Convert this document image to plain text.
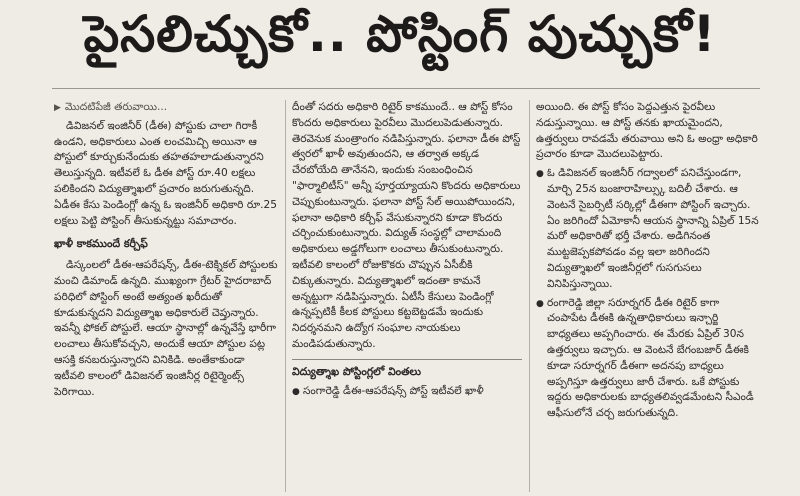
పైసలిచ్చుకో.. పోస్టింగ్ పుచ్చుకో!
▶ మొదటిపేజీ తరువాయి...

డివిజనల్ ఇంజినీర్ (డీఈ) పోస్టుకు చాలా గిరాకీ ఉండని, అధికారులు ఎంత లంచమిచ్చి అయినా ఆ పోస్టులో కూర్చుకునేందుకు తహతహలాడుతున్నారని తెలుస్తున్నది. ఇటీవలే ఓ డీఈ పోస్ట్ రూ.40 లక్షలు పలికిందని విద్యుత్శాఖలో ప్రచారం జరుగుతున్నది. ఏడీఈ కేసు పెండింగ్లో ఉన్న ఓ ఇంజినీర్ అధికారి రూ.25 లక్షలు పెట్టి పోస్టింగ్ తీసుకున్నట్టు సమాచారం.

ఖాళీ కాకముందే కర్చీఫ్

డిస్కంలలో డీఈ-ఆపరేషన్స్, డీఈ-టెక్నికల్ పోస్టులకు మంచి డిమాండ్ ఉన్నది. ముఖ్యంగా గ్రేటర్ హైదరాబాద్ పరిధిలో పోస్టింగ్ అంటే అత్యంత ఖరీదుతో కూడుకున్నదని విద్యుత్శాఖ అధికారులే చెప్తున్నారు. ఇవన్నీ ఫోకల్ పోస్టులే. ఆయా స్థానాల్లో ఉన్నవేస్తే భారీగా లంచాలు తీసుకోవచ్చని, అందుకే ఆయా పోస్టుల పట్ల ఆసక్తి కనబరుస్తున్నారని వినికిడి. అంతేకాకుండా ఇటీవలి కాలంలో డివిజనల్ ఇంజినీర్ల రిటైర్మెంట్స్ పెరిగాయి.

దీంతో సదరు అధికారి రిటైర్ కాకముందే.. ఆ పోస్ట్ కోసం కొందరు అధికారులు పైరవీలు మొదలుపెడుతున్నారు. తెరవెనుక మంత్రాంగం నడిపిస్తున్నారు. ఫలానా డీఈ పోస్ట్ త్వరలో ఖాళీ అవుతుందని, ఆ తర్వాత అక్కడ చేరబోయేది తానేనని, ఇందుకు సంబంధించిన "ఫార్మాలిటీస్" అన్నీ పూర్తయ్యాయని కొందరు అధికారులు చెప్పుకుంటున్నారు. ఫలానా పోస్ట్ సేల్ అయిపోయిందని, ఫలానా అధికారి కర్చీఫ్ వేసుకున్నారని కూడా కొందరు చర్చించుకుంటున్నారు. విద్యుత్ సంస్థల్లో చాలామంది అధికారులు అడ్డగోలుగా లంచాలు తీసుకుంటున్నారు. ఇటీవలి కాలంలో రోజుకొకరు చొప్పున ఏసీబీకి చిక్కుతున్నారు. విద్యుత్శాఖలో ఇదంతా కామనే అన్నట్టుగా నడిపిస్తున్నారు. ఏటీసీ కేసులు పెండింగ్లో ఉన్నప్పటికీ కీలక పోస్టులు కట్టబెట్టడమే ఇందుకు నిదర్శనమని ఉద్యోగ సంఘాల నాయకులు మండిపడుతున్నారు.

విద్యుత్శాఖ పోస్టింగ్లలో వింతలు
● సంగారెడ్డి డీఈ-ఆపరేషన్స్ పోస్ట్ ఇటీవలే ఖాళీ

అయింది. ఈ పోస్ట్ కోసం పెద్దఎత్తున పైరవీలు నడుస్తున్నాయి. ఆ పోస్ట్ తనకు ఖాయమైందని, ఉత్తర్వులు రావడమే తరువాయి అని ఓ అంధ్రా అధికారి ప్రచారం కూడా మొదలుపెట్టారు.

● ఓ డివిజనల్ ఇంజినీర్ గద్వాలలో పనిచేస్తుండగా, మార్చి 25న బంజారాహిల్స్కు బదిలీ చేశారు. ఆ వెంటనే సైబర్సిటీ సర్కిల్లో డీఈగా పోస్టింగ్ ఇచ్చారు. ఏం జరిగిందో ఏమోకానీ ఆయన స్థానాన్ని ఏప్రిల్ 15న మరో అధికారితో భర్తీ చేశారు. అడిగినంత ముట్టజెప్పకపోవడం వల్ల ఇలా జరిగిందని విద్యుత్శాఖలో ఇంజినీర్లలో గుసగుసలు వినిపిస్తున్నాయి.
● రంగారెడ్డి జిల్లా సరూర్నగర్ డీఈ రిటైర్ కాగా చంపాపేట డీఈకి ఉన్నతాధికారులు ఇన్చార్జి బాధ్యతలు అప్పగించారు. ఈ మేరకు ఏప్రిల్ 30న ఉత్తర్వులు ఇచ్చారు. ఆ వెంటనే బేగంబజార్ డీఈకి కూడా సరూర్నగర్ డీఈగా అదనపు బాధ్యలు అప్పగిస్తూ ఉత్తర్వులు జారీ చేశారు. ఒకే పోస్టుకు ఇద్దరు అధికారులకు బాధ్యతలివ్వడమేంటని సీఎండీ ఆఫీసులోనే చర్చ జరుగుతున్నది.
